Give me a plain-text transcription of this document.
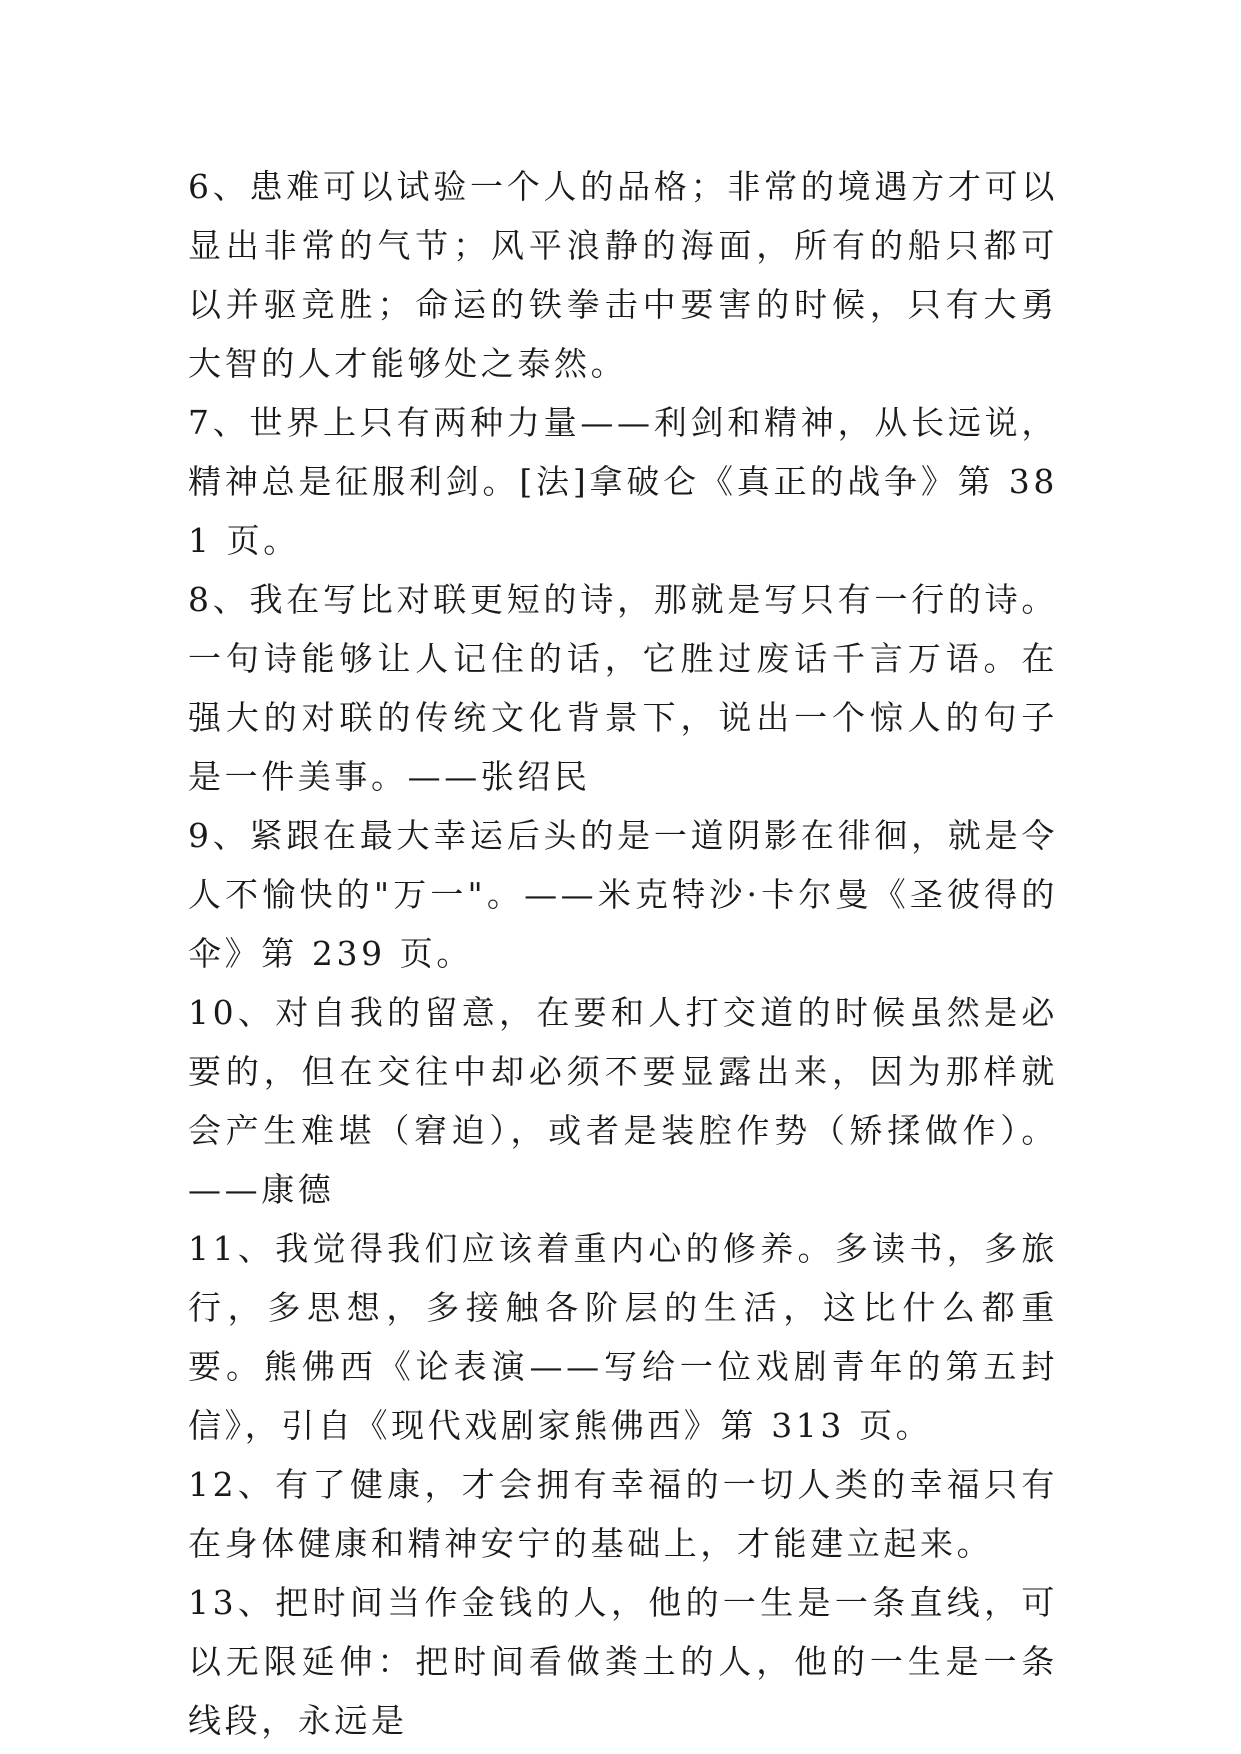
6、患难可以试验一个人的品格；非常的境遇方才可以显出非常的气节；风平浪静的海面，所有的船只都可以并驱竞胜；命运的铁拳击中要害的时候，只有大勇大智的人才能够处之泰然。

7、世界上只有两种力量——利剑和精神，从长远说，精神总是征服利剑。[法]拿破仑《真正的战争》第 381 页。

8、我在写比对联更短的诗，那就是写只有一行的诗。一句诗能够让人记住的话，它胜过废话千言万语。在强大的对联的传统文化背景下，说出一个惊人的句子是一件美事。——张绍民

9、紧跟在最大幸运后头的是一道阴影在徘徊，就是令人不愉快的"万一"。——米克特沙·卡尔曼《圣彼得的伞》第 239 页。

10、对自我的留意，在要和人打交道的时候虽然是必要的，但在交往中却必须不要显露出来，因为那样就会产生难堪（窘迫），或者是装腔作势（矫揉做作）。——康德

11、我觉得我们应该着重内心的修养。多读书，多旅行，多思想，多接触各阶层的生活，这比什么都重要。熊佛西《论表演——写给一位戏剧青年的第五封信》，引自《现代戏剧家熊佛西》第 313 页。

12、有了健康，才会拥有幸福的一切人类的幸福只有在身体健康和精神安宁的基础上，才能建立起来。

13、把时间当作金钱的人，他的一生是一条直线，可以无限延伸：把时间看做粪土的人，他的一生是一条线段，永远是
